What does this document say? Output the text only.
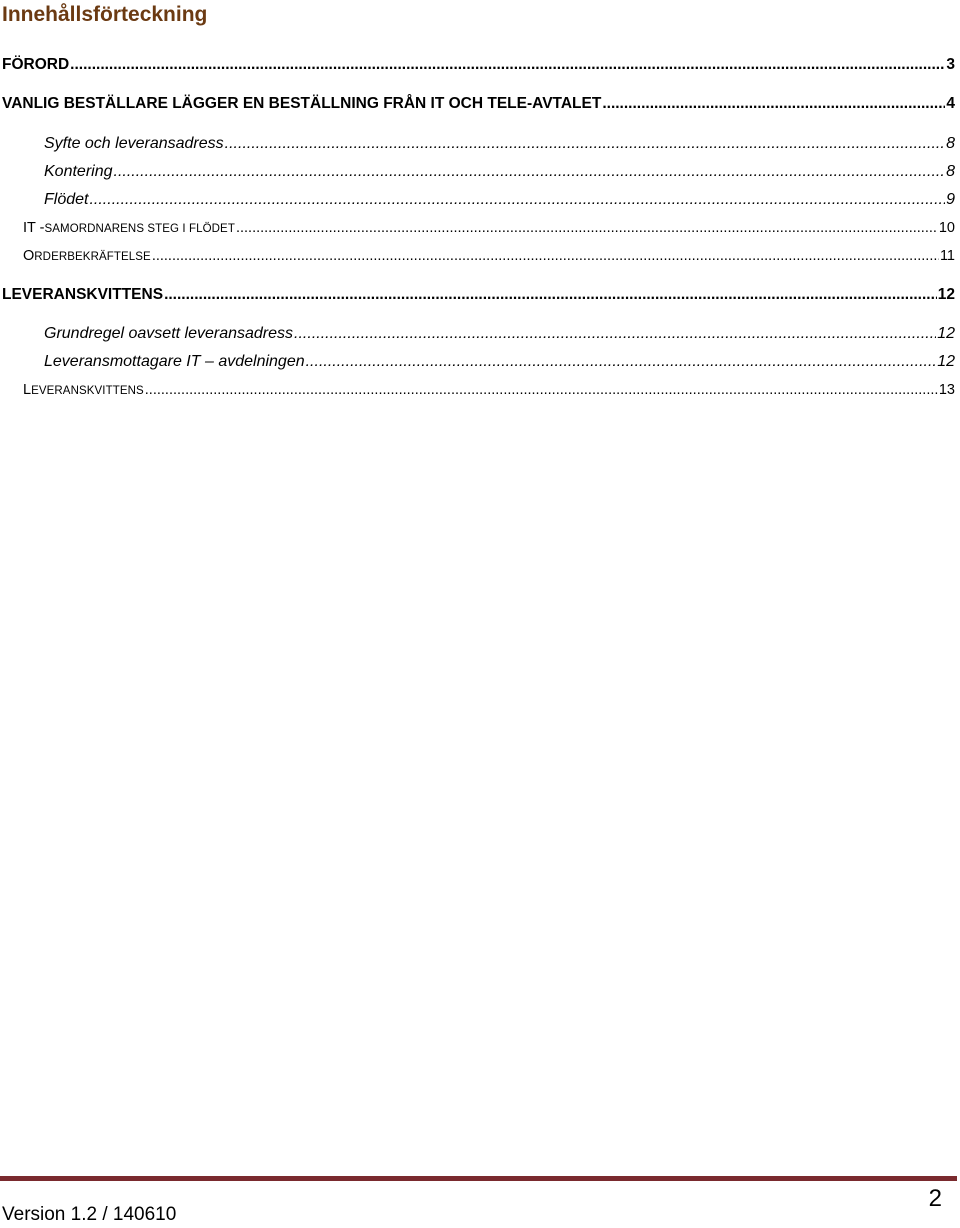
Innehållsförteckning
FÖRORD .....	3
VANLIG BESTÄLLARE LÄGGER EN BESTÄLLNING FRÅN IT OCH TELE-AVTALET .....	4
Syfte och leveransadress .....	8
Kontering .....	8
Flödet .....	9
IT -SAMORDNARENS STEG I FLÖDET .....	10
ORDERBEKRÄFTELSE .....	11
LEVERANSKVITTENS .....	12
Grundregel oavsett leveransadress .....	12
Leveransmottagare IT – avdelningen .....	12
LEVERANSKVITTENS .....	13
Version 1.2 / 140610
2
